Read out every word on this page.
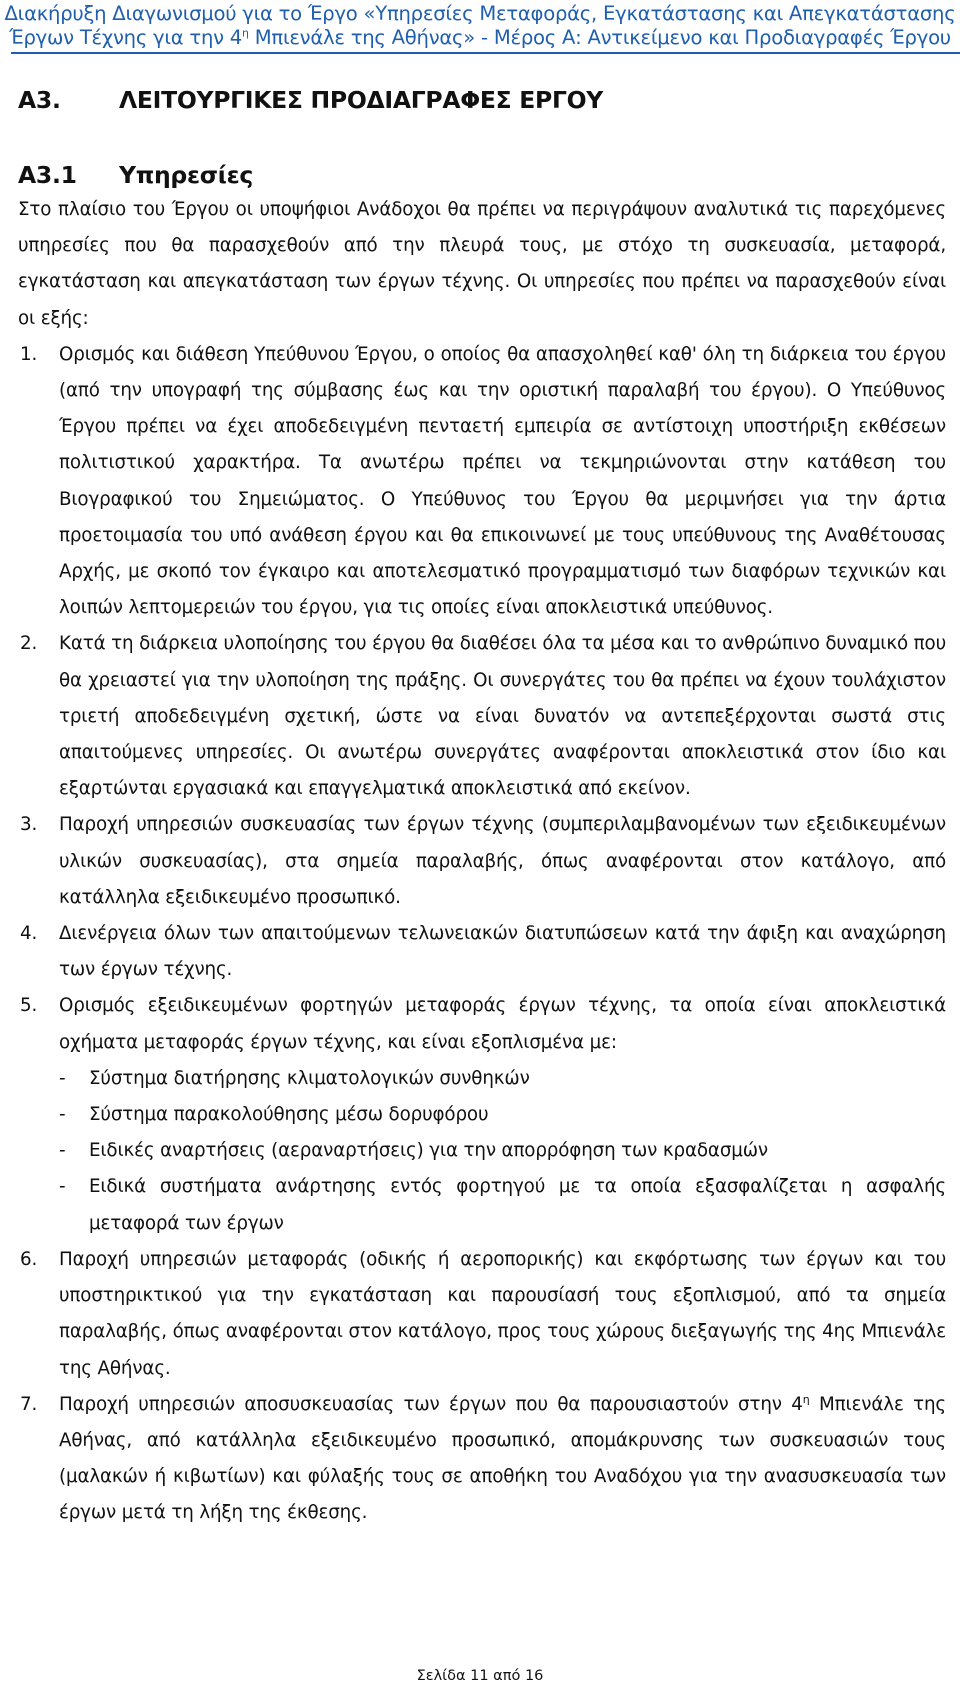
Διακήρυξη Διαγωνισμού για το Έργο «Υπηρεσίες Μεταφοράς, Εγκατάστασης και Απεγκατάστασης
Έργων Τέχνης για την $4^\eta$ Μπιενάλε της Αθήνας» - Μέρος Α: Αντικείμενο και Προδιαγραφές Έργου
Α3. ΛΕΙΤΟΥΡΓΙΚΕΣ ΠΡΟΔΙΑΓΡΑΦΕΣ ΕΡΓΟΥ
Α3.1 Υπηρεσίες

Στο πλαίσιο του Έργου οι υποψήφιοι Ανάδοχοι θα πρέπει να περιγράψουν αναλυτικά τις παρεχόμενες υπηρεσίες που θα παρασχεθούν από την πλευρά τους, με στόχο τη συσκευασία, μεταφορά, εγκατάσταση και απεγκατάσταση των έργων τέχνης. Οι υπηρεσίες που πρέπει να παρασχεθούν είναι οι εξής:

1. Ορισμός και διάθεση Υπεύθυνου Έργου, ο οποίος θα απασχοληθεί καθ' όλη τη διάρκεια του έργου (από την υπογραφή της σύμβασης έως και την οριστική παραλαβή του έργου). Ο Υπεύθυνος Έργου πρέπει να έχει αποδεδειγμένη πενταετή εμπειρία σε αντίστοιχη υποστήριξη εκθέσεων πολιτιστικού χαρακτήρα. Τα ανωτέρω πρέπει να τεκμηριώνονται στην κατάθεση του Βιογραφικού του Σημειώματος. Ο Υπεύθυνος του Έργου θα μεριμνήσει για την άρτια προετοιμασία του υπό ανάθεση έργου και θα επικοινωνεί με τους υπεύθυνους της Αναθέτουσας Αρχής, με σκοπό τον έγκαιρο και αποτελεσματικό προγραμματισμό των διαφόρων τεχνικών και λοιπών λεπτομερειών του έργου, για τις οποίες είναι αποκλειστικά υπεύθυνος.

2. Κατά τη διάρκεια υλοποίησης του έργου θα διαθέσει όλα τα μέσα και το ανθρώπινο δυναμικό που θα χρειαστεί για την υλοποίηση της πράξης. Οι συνεργάτες του θα πρέπει να έχουν τουλάχιστον τριετή αποδεδειγμένη σχετική, ώστε να είναι δυνατόν να αντεπεξέρχονται σωστά στις απαιτούμενες υπηρεσίες. Οι ανωτέρω συνεργάτες αναφέρονται αποκλειστικά στον ίδιο και εξαρτώνται εργασιακά και επαγγελματικά αποκλειστικά από εκείνον.

3. Παροχή υπηρεσιών συσκευασίας των έργων τέχνης (συμπεριλαμβανομένων των εξειδικευμένων υλικών συσκευασίας), στα σημεία παραλαβής, όπως αναφέρονται στον κατάλογο, από κατάλληλα εξειδικευμένο προσωπικό.

4. Διενέργεια όλων των απαιτούμενων τελωνειακών διατυπώσεων κατά την άφιξη και αναχώρηση των έργων τέχνης.

5. Ορισμός εξειδικευμένων φορτηγών μεταφοράς έργων τέχνης, τα οποία είναι αποκλειστικά οχήματα μεταφοράς έργων τέχνης, και είναι εξοπλισμένα με:

- Σύστημα διατήρησης κλιματολογικών συνθηκών
- Σύστημα παρακολούθησης μέσω δορυφόρου
- Ειδικές αναρτήσεις (αεραναρτήσεις) για την απορρόφηση των κραδασμών
- Ειδικά συστήματα ανάρτησης εντός φορτηγού με τα οποία εξασφαλίζεται η ασφαλής μεταφορά των έργων
6. Παροχή υπηρεσιών μεταφοράς (οδικής ή αεροπορικής) και εκφόρτωσης των έργων και του υποστηρικτικού για την εγκατάσταση και παρουσίασή τους εξοπλισμού, από τα σημεία παραλαβής, όπως αναφέρονται στον κατάλογο, προς τους χώρους διεξαγωγής της 4ης Μπιενάλε της Αθήνας.

7. Παροχή υπηρεσιών αποσυσκευασίας των έργων που θα παρουσιαστούν στην $4^\eta$ Μπιενάλε της Αθήνας, από κατάλληλα εξειδικευμένο προσωπικό, απομάκρυνσης των συσκευασιών τους (μαλακών ή κιβωτίων) και φύλαξής τους σε αποθήκη του Αναδόχου για την ανασυσκευασία των έργων μετά τη λήξη της έκθεσης.

Σελίδα 11 από 16
